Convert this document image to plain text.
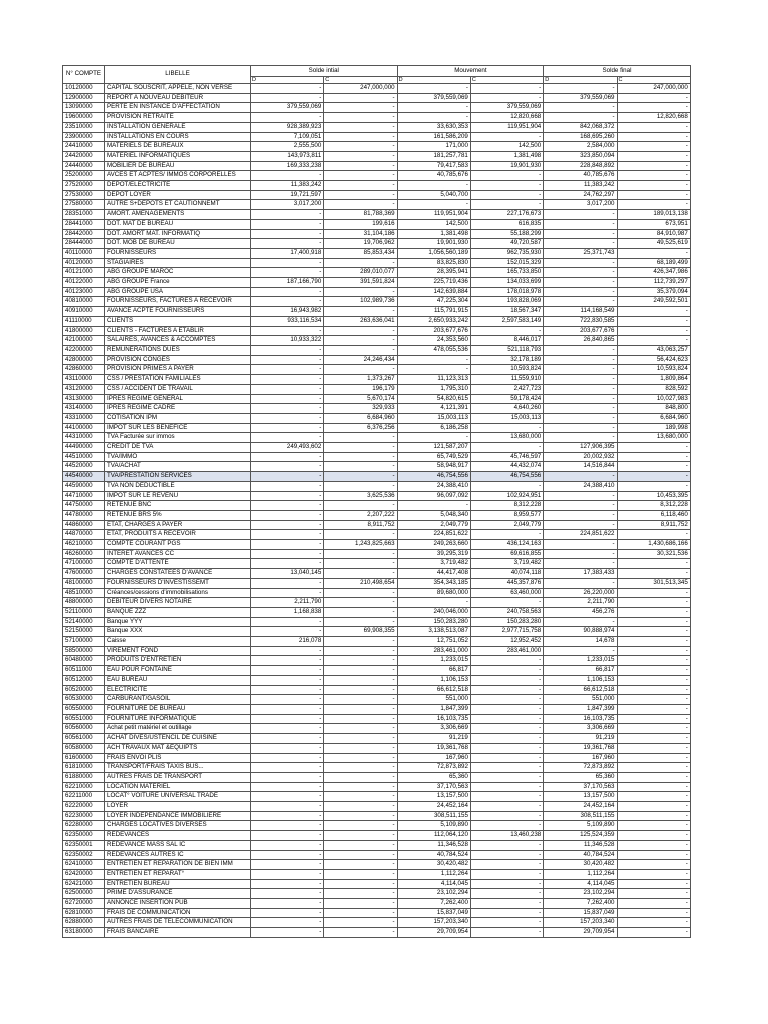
N° COMPTE	LIBELLE	Solde intial		Mouvement		Solde final	
		D	C	D	C	D	C
10120000	CAPITAL SOUSCRIT, APPELE, NON VERSE	-	247,000,000	-	-	-	247,000,000
12900000	REPORT A NOUVEAU DEBITEUR	-	-	379,559,069	-	379,559,069	-
13090000	PERTE EN INSTANCE D'AFFECTATION	379,559,069	-	-	379,559,069	-	-
19600000	PROVISION RETRAITE	-	-	-	12,820,668	-	12,820,668
23510000	INSTALLATION GENERALE	928,389,923	-	33,630,353	119,951,904	842,068,372	-
23900000	INSTALLATIONS EN COURS	7,109,051	-	161,586,209	-	168,695,260	-
24410000	MATERIELS DE BUREAUX	2,555,500	-	171,000	142,500	2,584,000	-
24420000	MATERIEL INFORMATIQUES	143,973,811	-	181,257,781	1,381,498	323,850,094	-
24440000	MOBILIER DE BUREAU	169,333,238	-	79,417,583	19,901,930	228,848,892	-
25200000	AVCES ET ACPTES/ IMMOS CORPORELLES	-	-	40,785,676	-	40,785,676	-
27520000	DEPOT/ELECTRICITE	11,383,242	-	-	-	11,383,242	-
27530000	DEPOT LOYER	19,721,597	-	5,040,700	-	24,762,297	-
27580000	AUTRE S+DEPOTS ET CAUTIONNEMT	3,017,200	-	-	-	3,017,200	-
28351000	AMORT. AMENAGEMENTS	-	81,788,369	119,951,904	227,176,673	-	189,013,138
28441000	DOT. MAT DE BUREAU	-	199,616	142,500	616,835	-	673,951
28442000	DOT. AMORT MAT. INFORMATIQ	-	31,104,186	1,381,498	55,188,299	-	84,910,987
28444000	DOT. MOB DE BUREAU	-	19,706,962	19,901,930	49,720,587	-	49,525,619
40110000	FOURNISSEURS	17,400,918	85,853,434	1,056,560,189	962,735,930	25,371,743	-
40120000	STAGIAIRES	-	-	83,825,830	152,015,329	-	68,189,499
40121000	ABG GROUPE MAROC	-	289,010,077	28,395,941	165,733,850	-	426,347,986
40122000	ABG GROUPE France	187,166,790	391,591,824	225,719,436	134,033,699	-	112,739,297
40123000	ABG GROUPE USA	-	-	142,639,884	178,018,978	-	35,379,094
40810000	FOURNISSEURS, FACTURES A RECEVOIR	-	102,989,736	47,225,304	193,828,069	-	249,592,501
40910000	AVANCE ACPTE FOURNISSEURS	16,943,982	-	115,791,915	18,567,347	114,168,549	-
41110000	CLIENTS	933,116,534	263,636,041	2,650,933,242	2,597,583,149	722,830,585	-
41800000	CLIENTS - FACTURES A ETABLIR	-	-	203,677,676	-	203,677,676	-
42100000	SALAIRES, AVANCES & ACCOMPTES	10,933,322	-	24,353,560	8,446,017	26,840,865	-
42200000	REMUNERATIONS DUES	-	-	478,055,536	521,118,793	-	43,063,257
42800000	PROVISION CONGES	-	24,246,434	-	32,178,189	-	56,424,623
42860000	PROVISION PRIMES A PAYER	-	-	-	10,593,824	-	10,593,824
43110000	CSS / PRESTATION FAMILIALES	-	1,373,267	11,123,313	11,559,910	-	1,809,864
43120000	CSS / ACCIDENT DE TRAVAIL	-	196,179	1,795,310	2,427,723	-	828,592
43130000	IPRES REGIME GENERAL	-	5,670,174	54,820,615	59,178,424	-	10,027,983
43140000	IPRES REGIME CADRE	-	329,933	4,121,391	4,640,260	-	848,800
43310000	COTISATION IPM	-	6,684,960	15,003,113	15,003,113	-	6,684,960
44100000	IMPOT SUR LES BENEFICE	-	6,376,256	6,186,258	-	-	189,998
44310000	TVA Facturée sur immos	-	-	-	13,680,000	-	13,680,000
44490000	CREDIT DE TVA	249,493,602	-	121,587,207	-	127,906,395	-
44510000	TVA/IMMO	-	-	65,749,529	45,746,597	20,002,932	-
44520000	TVA/ACHAT	-	-	58,948,917	44,432,074	14,516,844	-
44540000	TVA/PRESTATION SERVICES	-	-	46,754,556	46,754,556	-	-
44590000	TVA NON DEDUCTIBLE	-	-	24,388,410	-	24,388,410	-
44710000	IMPOT SUR LE REVENU	-	3,625,536	96,097,092	102,924,951	-	10,453,395
44750000	RETENUE BNC	-	-	-	8,312,228	-	8,312,228
44780000	RETENUE BRS 5%	-	2,207,222	5,048,340	8,959,577	-	6,118,460
44860000	ETAT, CHARGES A PAYER	-	8,911,752	2,049,779	2,049,779	-	8,911,752
44870000	ETAT, PRODUITS A RECEVOIR	-	-	224,851,622	-	224,851,622	-
46210000	COMPTE COURANT PGS	-	1,243,825,663	249,263,660	436,124,163	-	1,430,686,166
46260000	INTERET AVANCES CC	-	-	39,295,319	69,616,855	-	30,321,536
47100000	COMPTE D'ATTENTE	-	-	3,719,482	3,719,482	-	-
47600000	CHARGES CONSTATEES D'AVANCE	13,040,145	-	44,417,408	40,074,118	17,383,433	-
48100000	FOURNISSEURS D'INVESTISSEMT	-	210,498,654	354,343,185	445,357,876	-	301,513,345
48510000	Créances/cessions d'immobilisations	-	-	89,680,000	63,460,000	26,220,000	-
48800000	DEBITEUR DIVERS NOTAIRE	2,211,790	-	-	-	2,211,790	-
52110000	BANQUE ZZZ	1,168,838	-	240,046,000	240,758,563	456,276	-
52140000	Banque YYY	-	-	150,283,280	150,283,280	-	-
52150000	Banque XXX	-	69,908,355	3,138,513,087	2,977,715,758	90,888,974	-
57100000	Caisse	216,078	-	12,751,052	12,952,452	14,678	-
58500000	VIREMENT FOND	-	-	283,461,000	283,461,000	-	-
60480000	PRODUITS D'ENTRETIEN	-	-	1,233,015	-	1,233,015	-
60511000	EAU POUR FONTAINE	-	-	66,817	-	66,817	-
60512000	EAU BUREAU	-	-	1,106,153	-	1,106,153	-
60520000	ELECTRICITE	-	-	66,612,518	-	66,612,518	-
60530000	CARBURANT/GASOIL	-	-	551,000	-	551,000	-
60550000	FOURNITURE DE BUREAU	-	-	1,847,399	-	1,847,399	-
60551000	FOURNITURE INFORMATIQUE	-	-	16,103,735	-	16,103,735	-
60560000	Achat petit matériel et outillage	-	-	3,306,669	-	3,306,669	-
60561000	ACHAT DIVES/USTENCIL DE CUISINE	-	-	91,219	-	91,219	-
60580000	ACH TRAVAUX MAT &EQUIPTS	-	-	19,361,768	-	19,361,768	-
61600000	FRAIS ENVOI PLIS	-	-	167,960	-	167,960	-
61810000	TRANSPORT/FRAIS TAXIS BUS...	-	-	72,873,892	-	72,873,892	-
61880000	AUTRES FRAIS DE TRANSPORT	-	-	65,360	-	65,360	-
62210000	LOCATION MATERIEL	-	-	37,170,563	-	37,170,563	-
62211000	LOCAT° VOITURE UNIVERSAL TRADE	-	-	13,157,500	-	13,157,500	-
62220000	LOYER	-	-	24,452,164	-	24,452,164	-
62230000	LOYER INDEPENDANCE IMMOBILIERE	-	-	308,511,155	-	308,511,155	-
62280000	CHARGES LOCATIVES DIVERSES	-	-	5,109,890	-	5,109,890	-
62350000	REDEVANCES	-	-	112,064,120	13,460,238	125,524,359	-
62350001	REDEVANCE MASS SAL IC	-	-	11,346,528	-	11,346,528	-
62350002	REDEVANCES AUTRES IC	-	-	40,784,524	-	40,784,524	-
62410000	ENTRETIEN ET REPARATION DE BIEN IMM	-	-	30,420,482	-	30,420,482	-
62420000	ENTRETIEN ET REPARAT°	-	-	1,112,264	-	1,112,264	-
62421000	ENTRETIEN BUREAU	-	-	4,114,045	-	4,114,045	-
62500000	PRIME D'ASSURANCE	-	-	23,102,294	-	23,102,294	-
62720000	ANNONCE INSERTION PUB	-	-	7,262,400	-	7,262,400	-
62810000	FRAIS DE COMMUNICATION	-	-	15,837,049	-	15,837,049	-
62880000	AUTRES FRAIS DE TELECOMMUNICATION	-	-	157,203,340	-	157,203,340	-
63180000	FRAIS BANCAIRE	-	-	29,709,954	-	29,709,954	-
